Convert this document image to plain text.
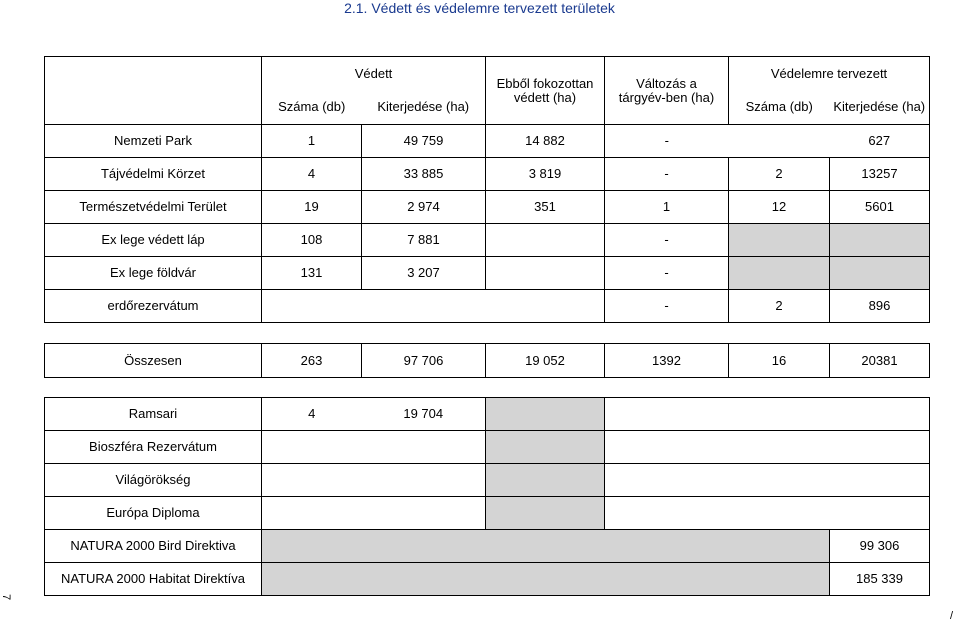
2.1. Védett és védelemre tervezett területek
	Védett		Ebből fokozottan védett (ha)	Változás a tárgyév-ben (ha)	Védelemre tervezett	
	Száma (db)	Kiterjedése (ha)			Száma (db)	Kiterjedése (ha)
Nemzeti Park	1	49 759	14 882	-		627
Tájvédelmi Körzet	4	33 885	3 819	-	2	13257
Természetvédelmi Terület	19	2 974	351	1	12	5601
Ex lege védett láp	108	7 881		-		
Ex lege földvár	131	3 207		-		
erdőrezervátum				-	2	896
Összesen	263	97 706	19 052	1392	16	20381
Ramsari	4	19 704				
Bioszféra Rezervátum						
Világörökség						
Európa Diploma						
NATURA 2000 Bird Direktiva						99 306
NATURA 2000 Habitat Direktíva						185 339
7
/
